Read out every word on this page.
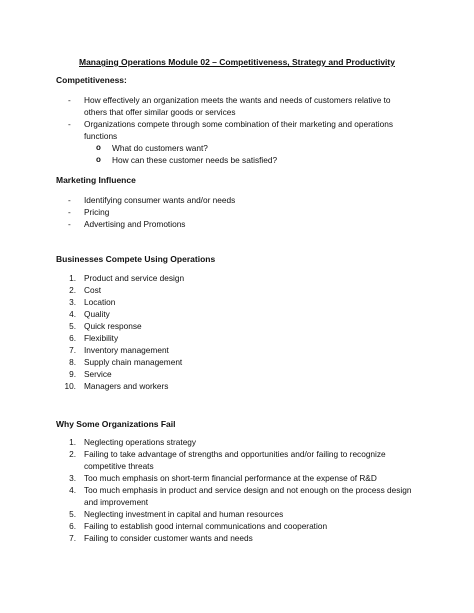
Managing Operations Module 02 – Competitiveness, Strategy and Productivity
Competitiveness:
- How effectively an organization meets the wants and needs of customers relative to
others that offer similar goods or services
- Organizations compete through some combination of their marketing and operations
functions
o What do customers want?
o How can these customer needs be satisfied?
Marketing Influence
- Identifying consumer wants and/or needs
- Pricing
- Advertising and Promotions
Businesses Compete Using Operations
1. Product and service design
2. Cost
3. Location
4. Quality
5. Quick response
6. Flexibility
7. Inventory management
8. Supply chain management
9. Service
10. Managers and workers
Why Some Organizations Fail
1. Neglecting operations strategy
2. Failing to take advantage of strengths and opportunities and/or failing to recognize
competitive threats
3. Too much emphasis on short-term financial performance at the expense of R&D
4. Too much emphasis in product and service design and not enough on the process design
and improvement
5. Neglecting investment in capital and human resources
6. Failing to establish good internal communications and cooperation
7. Failing to consider customer wants and needs
